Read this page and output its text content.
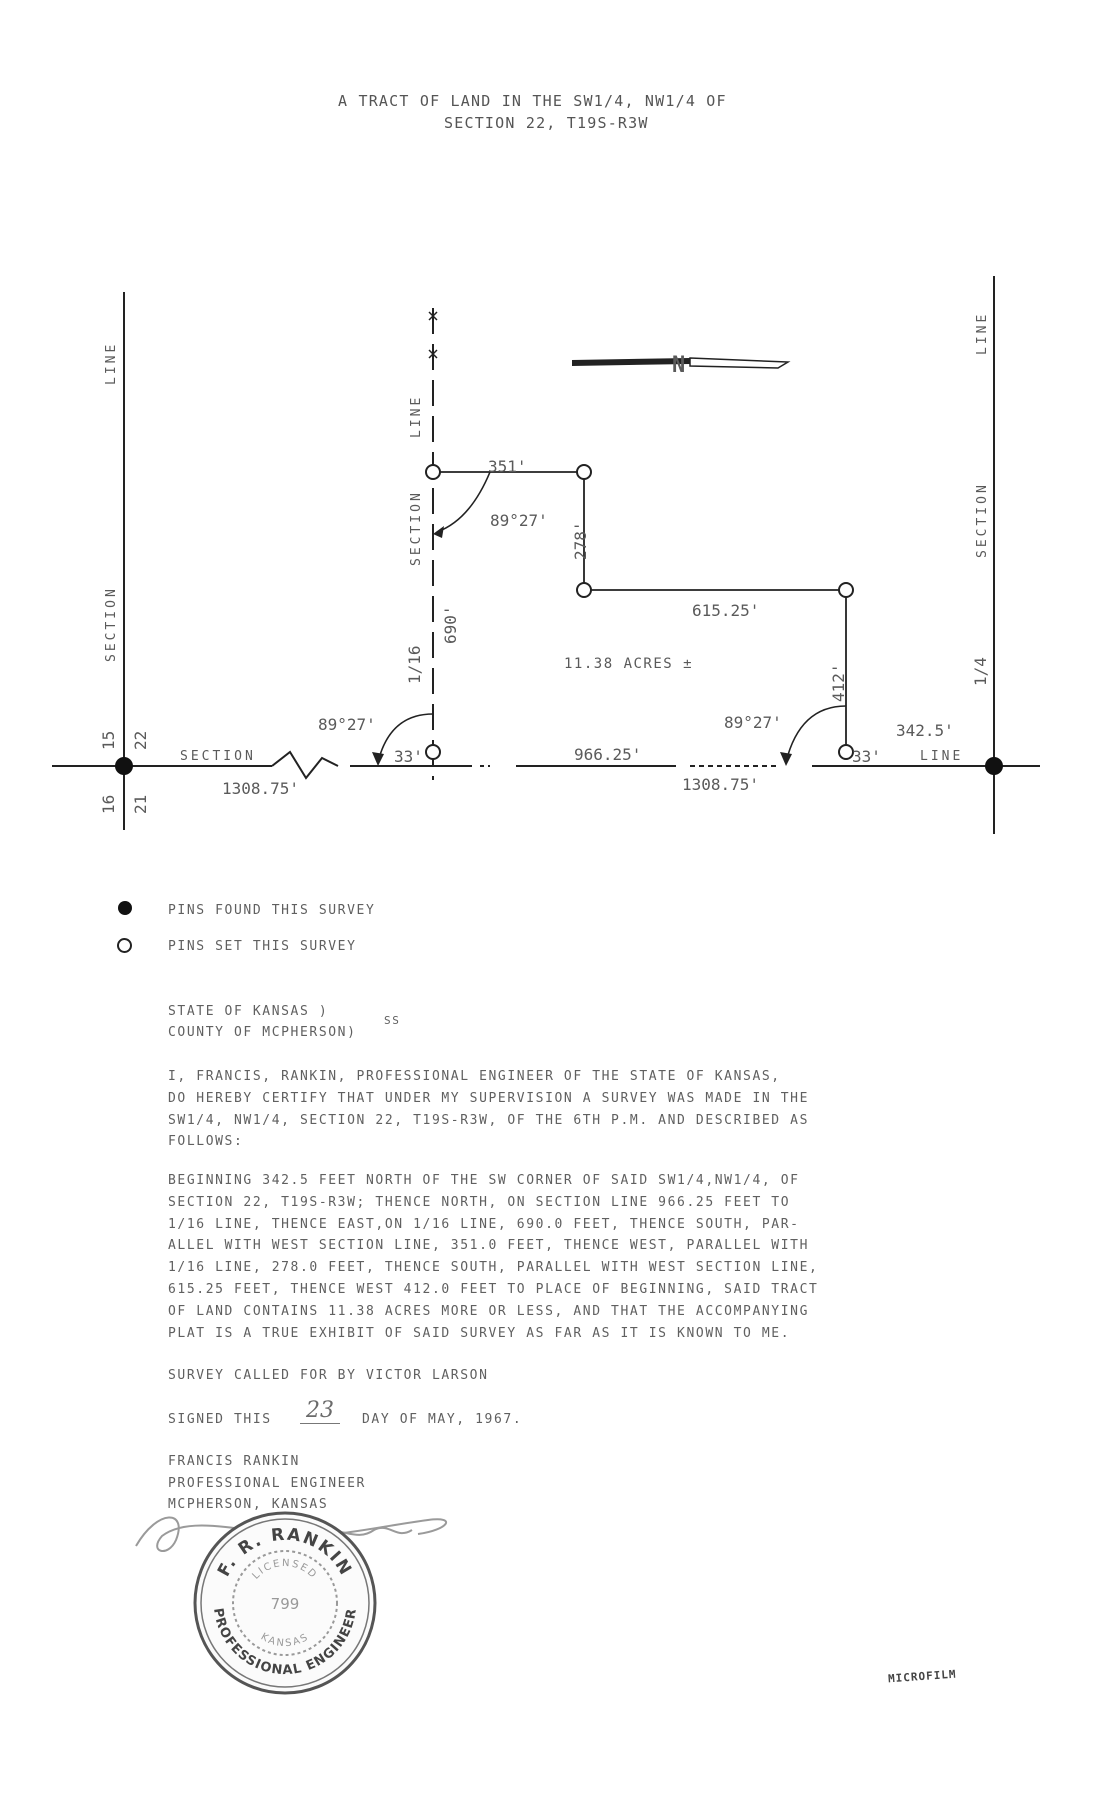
A TRACT OF LAND IN THE SW1/4, NW1/4 OF
SECTION 22, T19S-R3W
N
LINE
SECTION
LINE
SECTION
LINE
SECTION
1/16	1/4
15 22
16 21
690'
278'
412'
351'
89°27'
615.25'
11.38 ACRES ±
89°27'	89°27'
33'	33'
966.25'
342.5'
1308.75'	1308.75'
SECTION	LINE
PINS FOUND THIS SURVEY
PINS SET THIS SURVEY
STATE OF KANSAS )
COUNTY OF MCPHERSON)
SS
I, FRANCIS, RANKIN, PROFESSIONAL ENGINEER OF THE STATE OF KANSAS,
DO HEREBY CERTIFY THAT UNDER MY SUPERVISION A SURVEY WAS MADE IN THE
SW1/4, NW1/4, SECTION 22, T19S-R3W, OF THE 6TH P.M. AND DESCRIBED AS
FOLLOWS:
BEGINNING 342.5 FEET NORTH OF THE SW CORNER OF SAID SW1/4,NW1/4, OF
SECTION 22, T19S-R3W; THENCE NORTH, ON SECTION LINE 966.25 FEET TO
1/16 LINE, THENCE EAST,ON 1/16 LINE, 690.0 FEET, THENCE SOUTH, PAR-
ALLEL WITH WEST SECTION LINE, 351.0 FEET, THENCE WEST, PARALLEL WITH
1/16 LINE, 278.0 FEET, THENCE SOUTH, PARALLEL WITH WEST SECTION LINE,
615.25 FEET, THENCE WEST 412.0 FEET TO PLACE OF BEGINNING, SAID TRACT
OF LAND CONTAINS 11.38 ACRES MORE OR LESS, AND THAT THE ACCOMPANYING
PLAT IS A TRUE EXHIBIT OF SAID SURVEY AS FAR AS IT IS KNOWN TO ME.
SURVEY CALLED FOR BY VICTOR LARSON
SIGNED THIS 23	DAY OF MAY, 1967.
FRANCIS RANKIN
PROFESSIONAL ENGINEER
MCPHERSON, KANSAS
F. R. RANKIN
PROFESSIONAL ENGINEER
LICENSED
KANSAS
799
MICROFILM
